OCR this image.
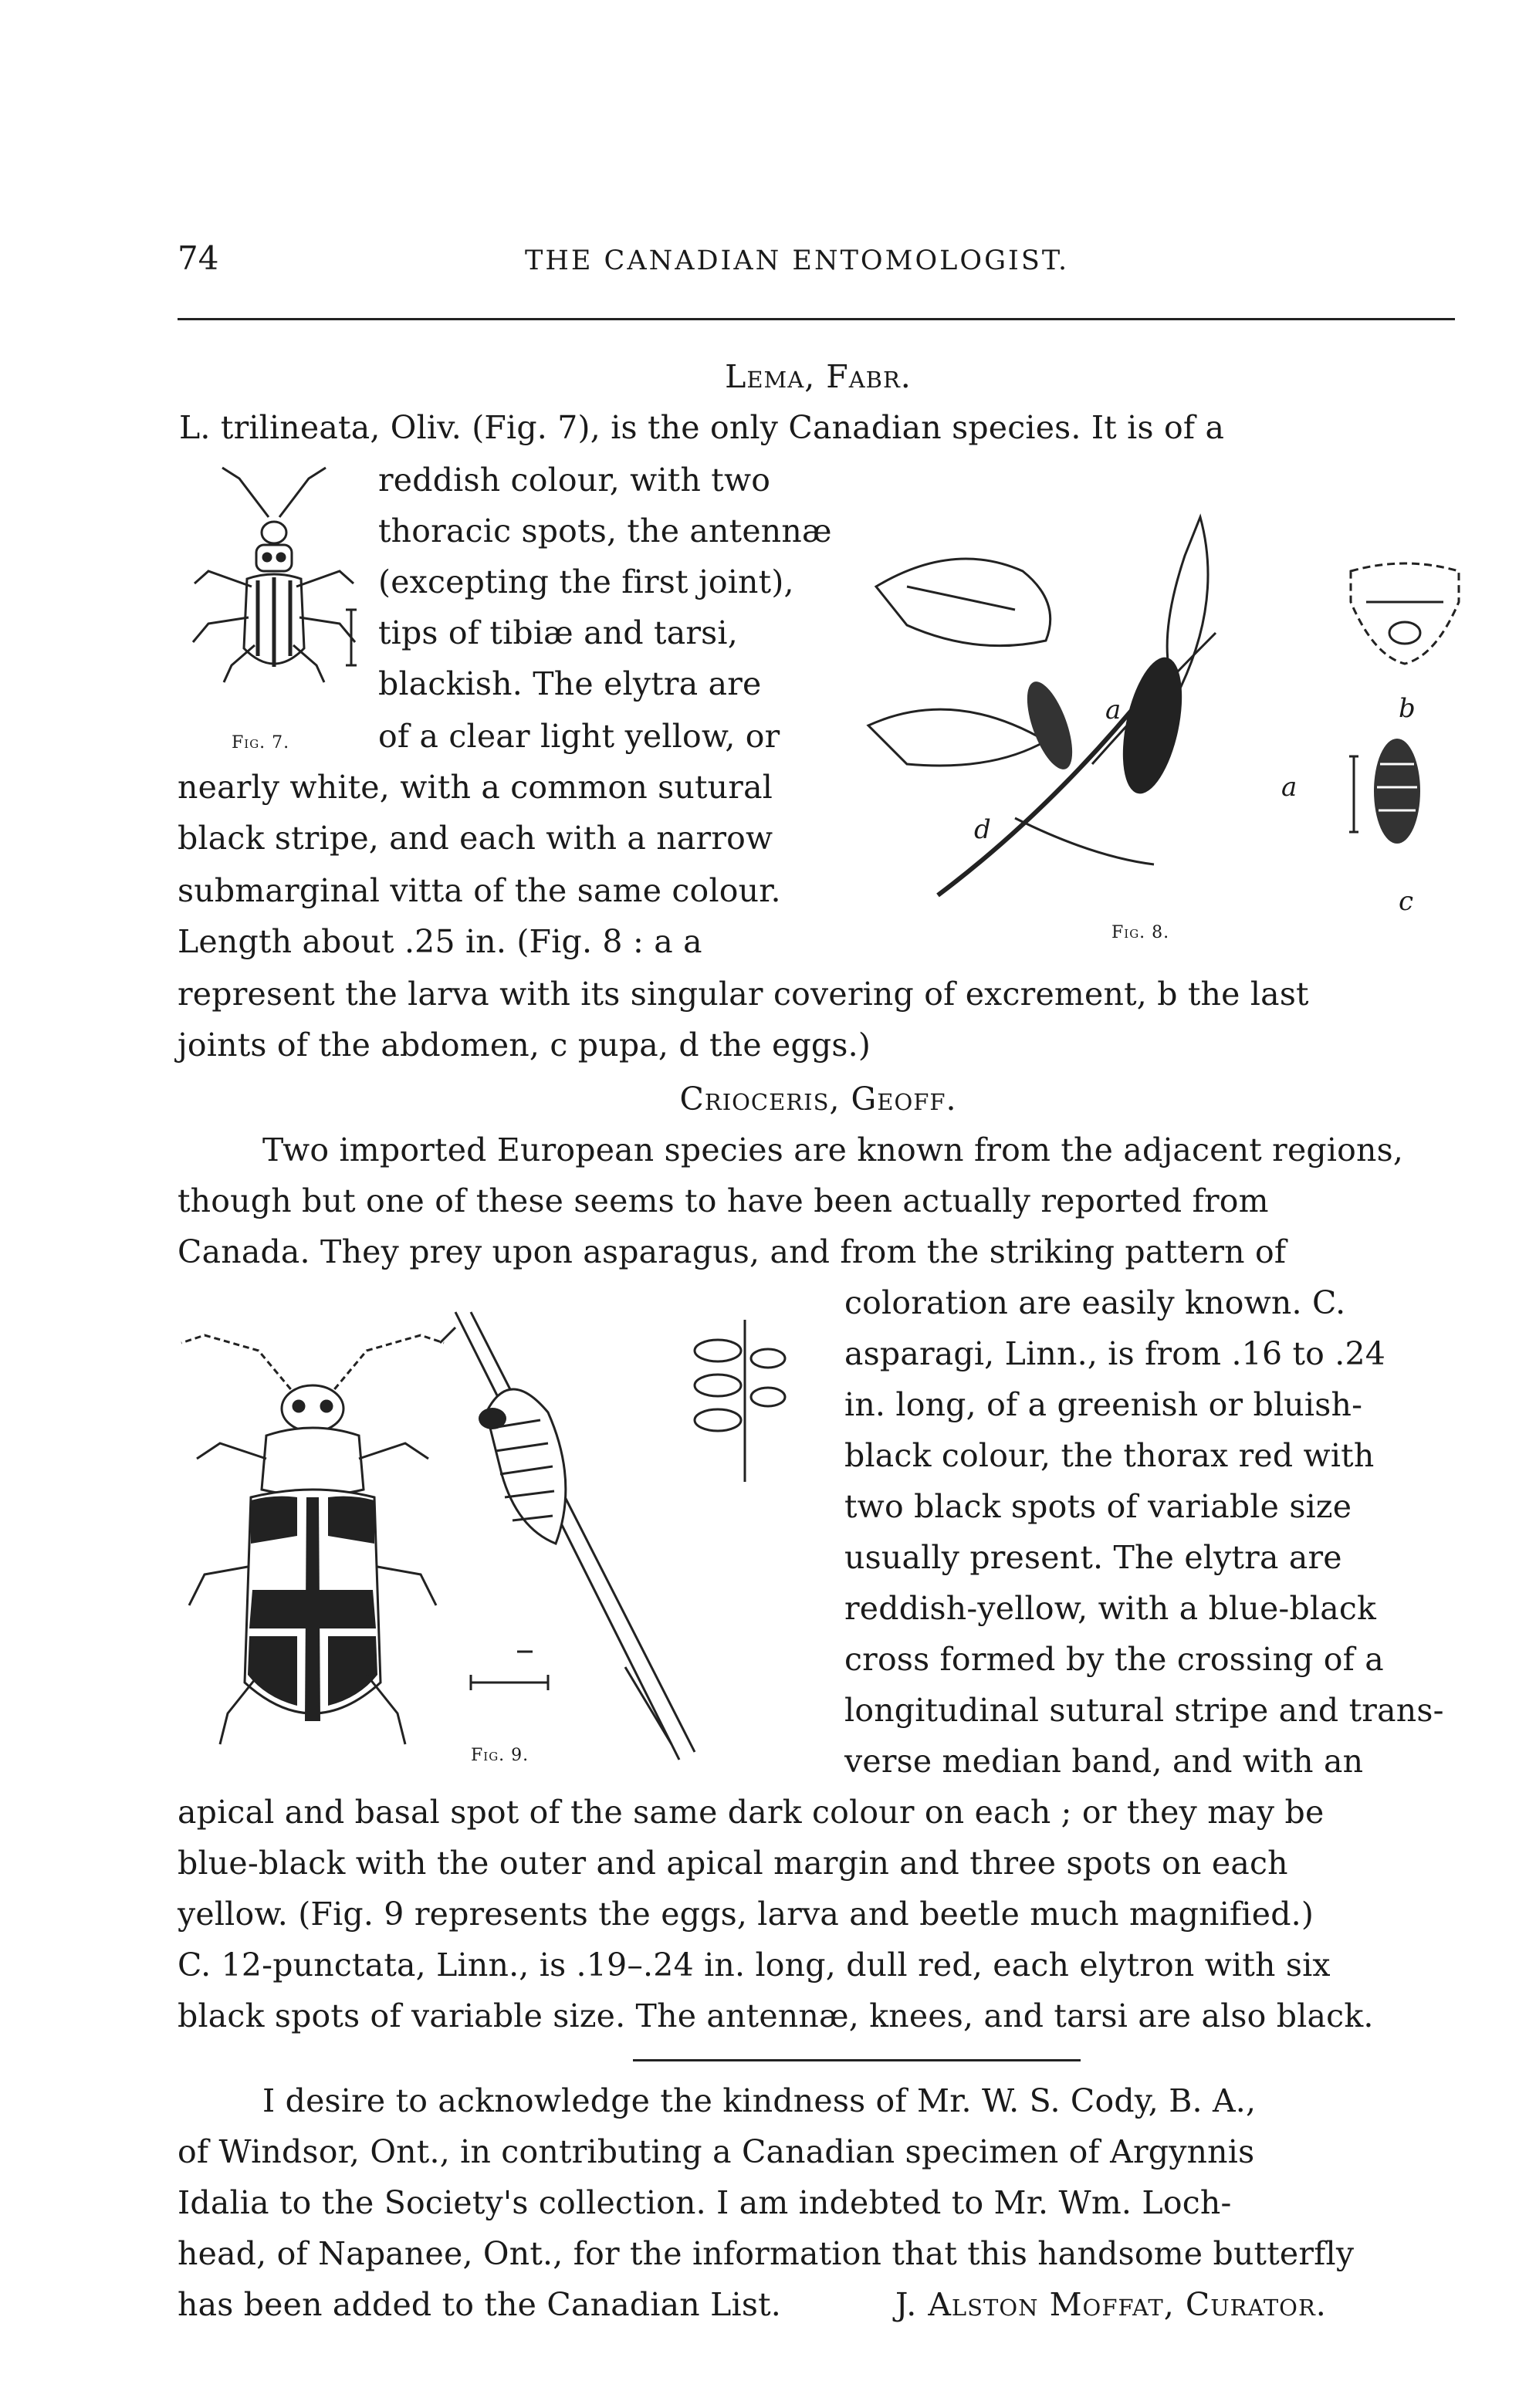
74	THE CANADIAN ENTOMOLOGIST.
Lema, Fabr.
L. trilineata, Oliv. (Fig. 7), is the only Canadian species. It is of a
reddish colour, with two
thoracic spots, the antennæ
(excepting the first joint),
tips of tibiæ and tarsi,
blackish. The elytra are
of a clear light yellow, or
nearly white, with a common sutural
black stripe, and each with a narrow
submarginal vitta of the same colour.
Length about .25 in. (Fig. 8 : a a
represent the larva with its singular covering of excrement, b the last
joints of the abdomen, c pupa, d the eggs.)
Fig. 7.
a
a
d
Fig. 8.
b
c
Crioceris, Geoff.
Two imported European species are known from the adjacent regions,
though but one of these seems to have been actually reported from
Canada. They prey upon asparagus, and from the striking pattern of
coloration are easily known. C.
asparagi, Linn., is from .16 to .24
in. long, of a greenish or bluish-
black colour, the thorax red with
two black spots of variable size
usually present. The elytra are
reddish-yellow, with a blue-black
cross formed by the crossing of a
longitudinal sutural stripe and trans-
verse median band, and with an
apical and basal spot of the same dark colour on each ; or they may be
blue-black with the outer and apical margin and three spots on each
yellow. (Fig. 9 represents the eggs, larva and beetle much magnified.)
C. 12-punctata, Linn., is .19–.24 in. long, dull red, each elytron with six
black spots of variable size. The antennæ, knees, and tarsi are also black.
Fig. 9.
I desire to acknowledge the kindness of Mr. W. S. Cody, B. A.,
of Windsor, Ont., in contributing a Canadian specimen of Argynnis
Idalia to the Society's collection. I am indebted to Mr. Wm. Loch-
head, of Napanee, Ont., for the information that this handsome butterfly
has been added to the Canadian List.	J. Alston Moffat, Curator.
